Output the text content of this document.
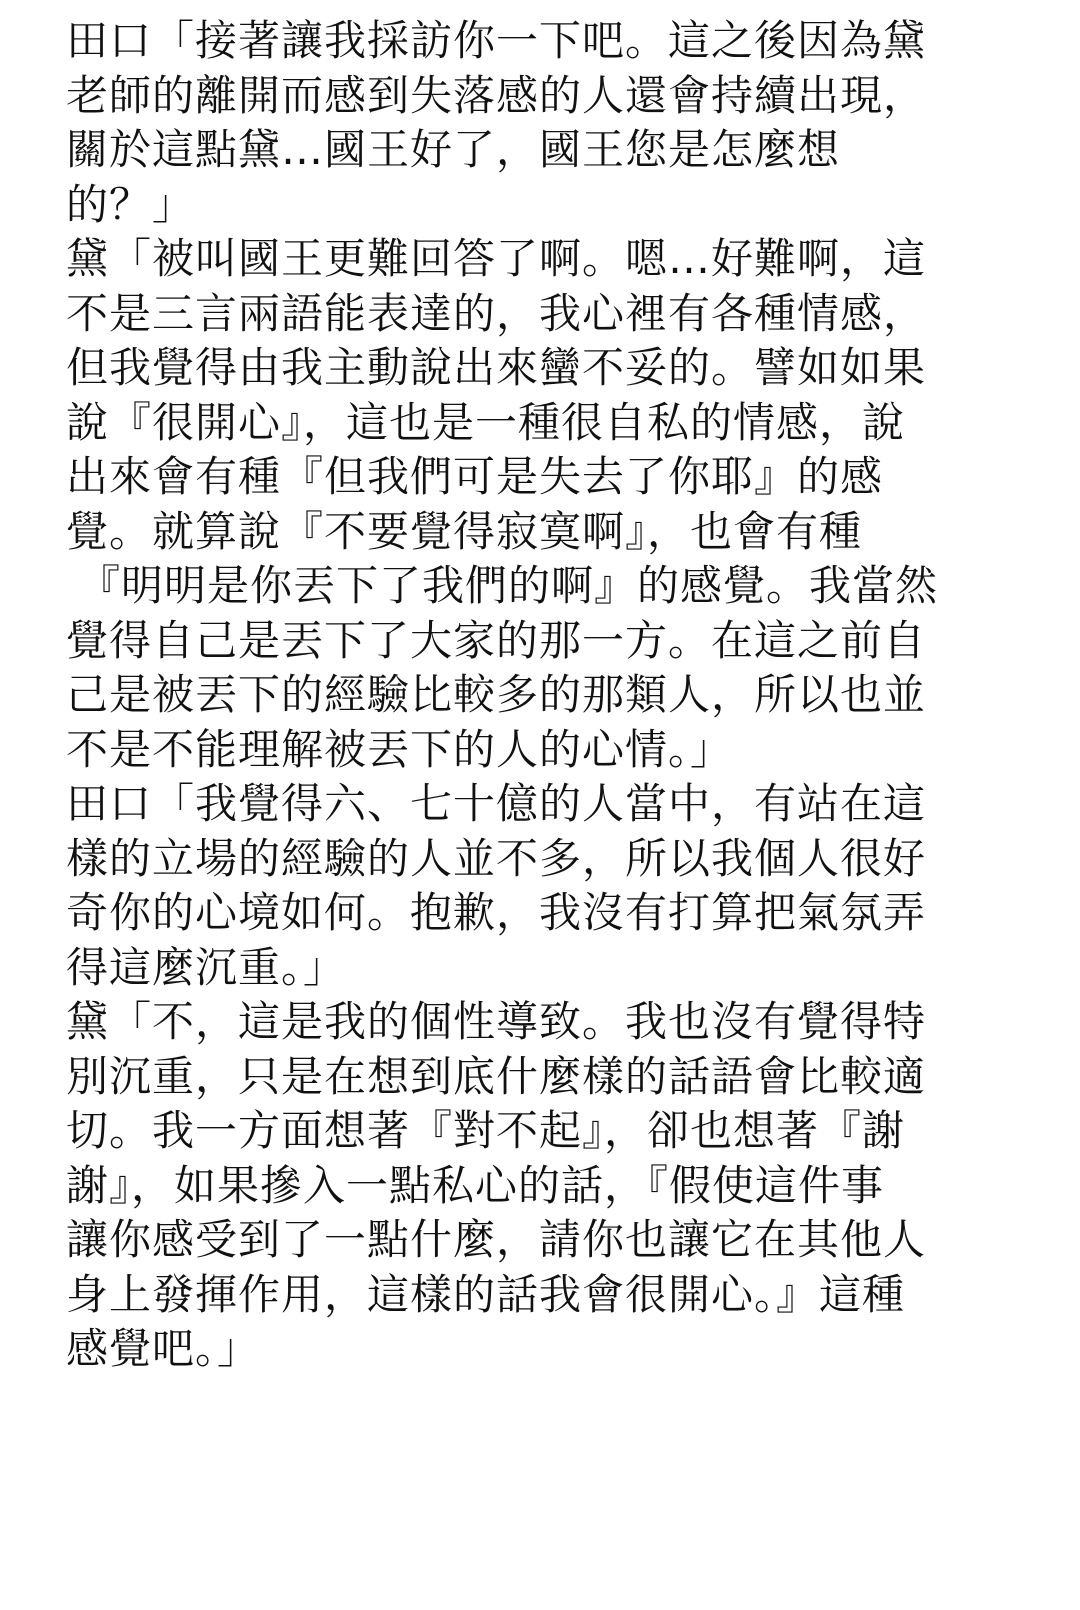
田口「接著讓我採訪你一下吧。這之後因為黛
老師的離開而感到失落感的人還會持續出現，
關於這點黛…國王好了，國王您是怎麼想
的？」
黛「被叫國王更難回答了啊。嗯…好難啊，這
不是三言兩語能表達的，我心裡有各種情感，
但我覺得由我主動說出來蠻不妥的。譬如如果
說『很開心』，這也是一種很自私的情感，說
出來會有種『但我們可是失去了你耶』的感
覺。就算說『不要覺得寂寞啊』，也會有種
『明明是你丟下了我們的啊』的感覺。我當然
覺得自己是丟下了大家的那一方。在這之前自
己是被丟下的經驗比較多的那類人，所以也並
不是不能理解被丟下的人的心情。」
田口「我覺得六、七十億的人當中，有站在這
樣的立場的經驗的人並不多，所以我個人很好
奇你的心境如何。抱歉，我沒有打算把氣氛弄
得這麼沉重。」
黛「不，這是我的個性導致。我也沒有覺得特
別沉重，只是在想到底什麼樣的話語會比較適
切。我一方面想著『對不起』，卻也想著『謝
謝』，如果摻入一點私心的話，『假使這件事
讓你感受到了一點什麼，請你也讓它在其他人
身上發揮作用，這樣的話我會很開心。』這種
感覺吧。」
